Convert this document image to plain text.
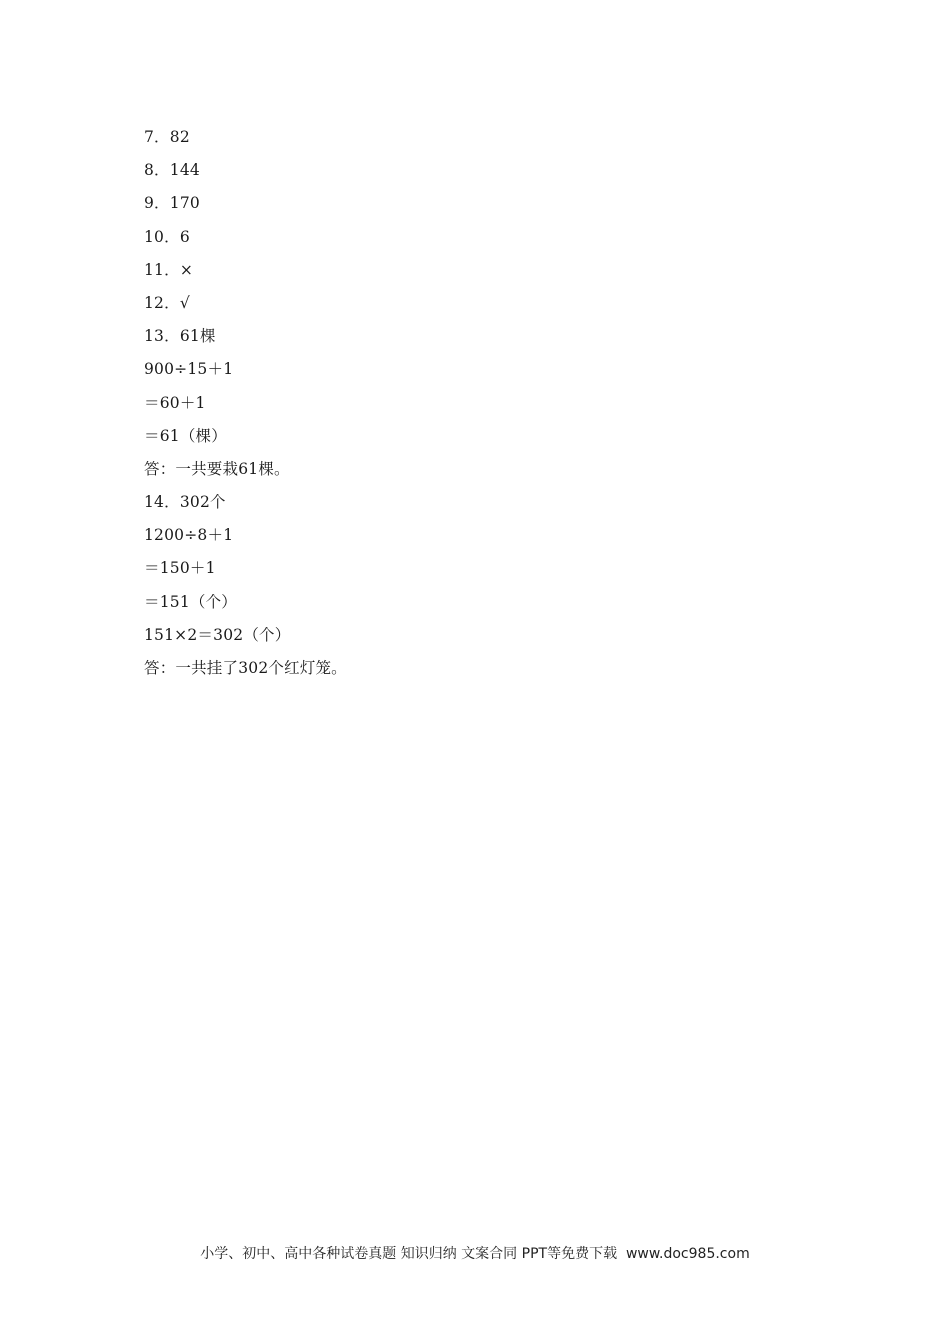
7．82
8．144
9．170
10．6
11．×
12．√
13．61棵
900÷15＋1
＝60＋1
＝61（棵）
答：一共要栽61棵。
14．302个
1200÷8＋1
＝150＋1
＝151（个）
151×2＝302（个）
答：一共挂了302个红灯笼。
小学、初中、高中各种试卷真题 知识归纳 文案合同 PPT等免费下载  www.doc985.com
